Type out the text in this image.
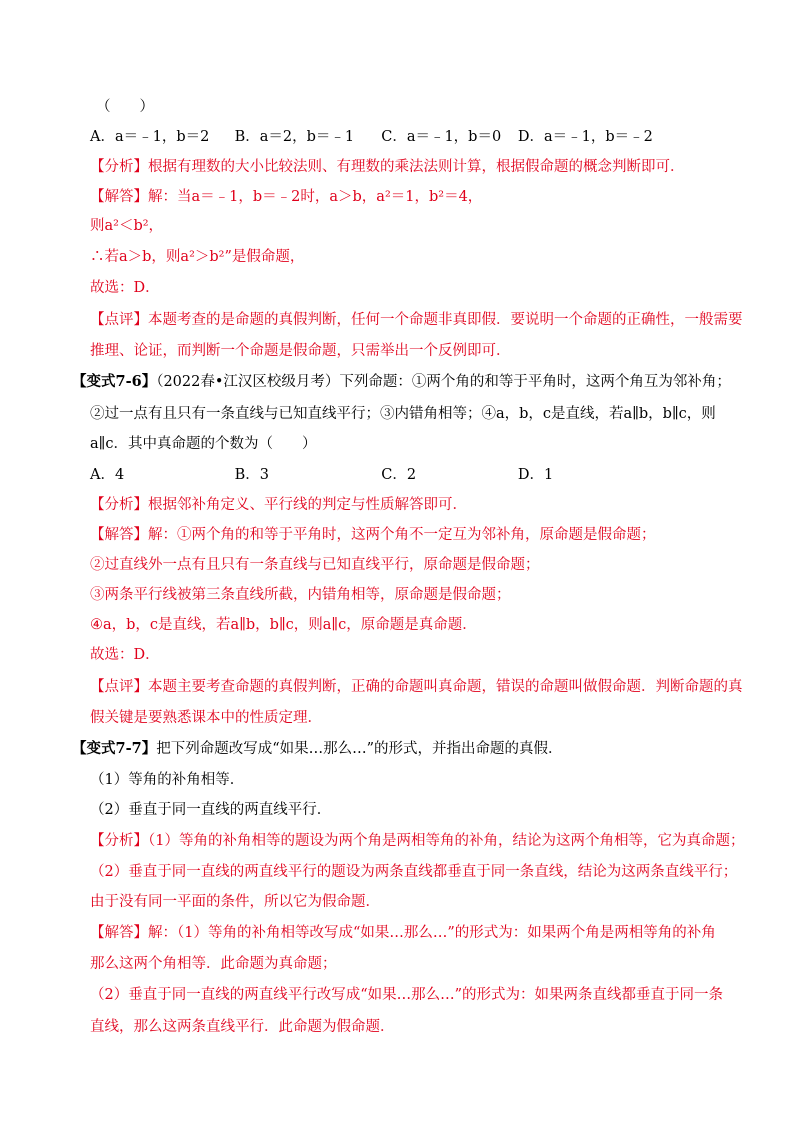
（　　）
A．a＝﹣1，b＝2 B．a＝2，b＝﹣1 C．a＝﹣1，b＝0 D．a＝﹣1，b＝﹣2
【分析】根据有理数的大小比较法则、有理数的乘法法则计算，根据假命题的概念判断即可．
【解答】解：当a＝﹣1，b＝﹣2时，a＞b，a²＝1，b²＝4，
则a²＜b²，
∴若a＞b，则a²＞b²”是假命题，
故选：D．
【点评】本题考查的是命题的真假判断，任何一个命题非真即假．要说明一个命题的正确性，一般需要
推理、论证，而判断一个命题是假命题，只需举出一个反例即可．
【变式7-6】（2022春•江汉区校级月考）下列命题：①两个角的和等于平角时，这两个角互为邻补角；
②过一点有且只有一条直线与已知直线平行；③内错角相等；④a，b，c是直线，若a∥b，b∥c，则
a∥c．其中真命题的个数为（　　）
A．4	B．3	C．2	D．1
【分析】根据邻补角定义、平行线的判定与性质解答即可．
【解答】解：①两个角的和等于平角时，这两个角不一定互为邻补角，原命题是假命题；
②过直线外一点有且只有一条直线与已知直线平行，原命题是假命题；
③两条平行线被第三条直线所截，内错角相等，原命题是假命题；
④a，b，c是直线，若a∥b，b∥c，则a∥c，原命题是真命题．
故选：D．
【点评】本题主要考查命题的真假判断，正确的命题叫真命题，错误的命题叫做假命题．判断命题的真
假关键是要熟悉课本中的性质定理．
【变式7-7】把下列命题改写成“如果…那么…”的形式，并指出命题的真假．
（1）等角的补角相等．
（2）垂直于同一直线的两直线平行．
【分析】（1）等角的补角相等的题设为两个角是两相等角的补角，结论为这两个角相等，它为真命题；
（2）垂直于同一直线的两直线平行的题设为两条直线都垂直于同一条直线，结论为这两条直线平行；
由于没有同一平面的条件，所以它为假命题．
【解答】解：（1）等角的补角相等改写成“如果…那么…”的形式为：如果两个角是两相等角的补角
那么这两个角相等．此命题为真命题；
（2）垂直于同一直线的两直线平行改写成“如果…那么…”的形式为：如果两条直线都垂直于同一条
直线，那么这两条直线平行．此命题为假命题．
